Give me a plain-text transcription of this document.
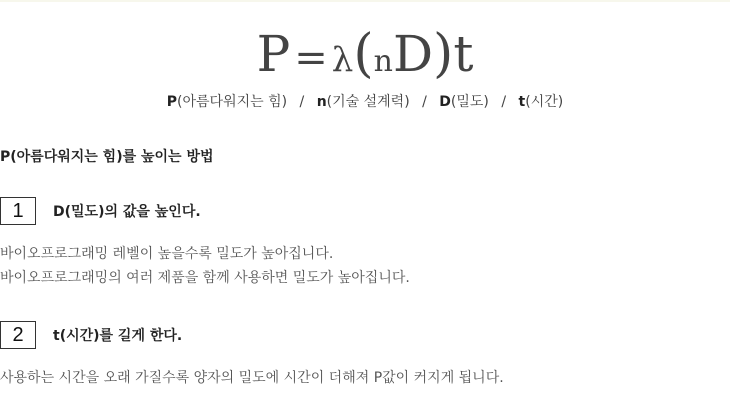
P = λ(nD)t
P(아름다워지는 힘) / n(기술 설계력) / D(밀도) / t(시간)
P(아름다워지는 힘)를 높이는 방법
1	D(밀도)의 값을 높인다.
바이오프로그래밍 레벨이 높을수록 밀도가 높아집니다.
바이오프로그래밍의 여러 제품을 함께 사용하면 밀도가 높아집니다.
2	t(시간)를 길게 한다.
사용하는 시간을 오래 가질수록 양자의 밀도에 시간이 더해져 P값이 커지게 됩니다.
